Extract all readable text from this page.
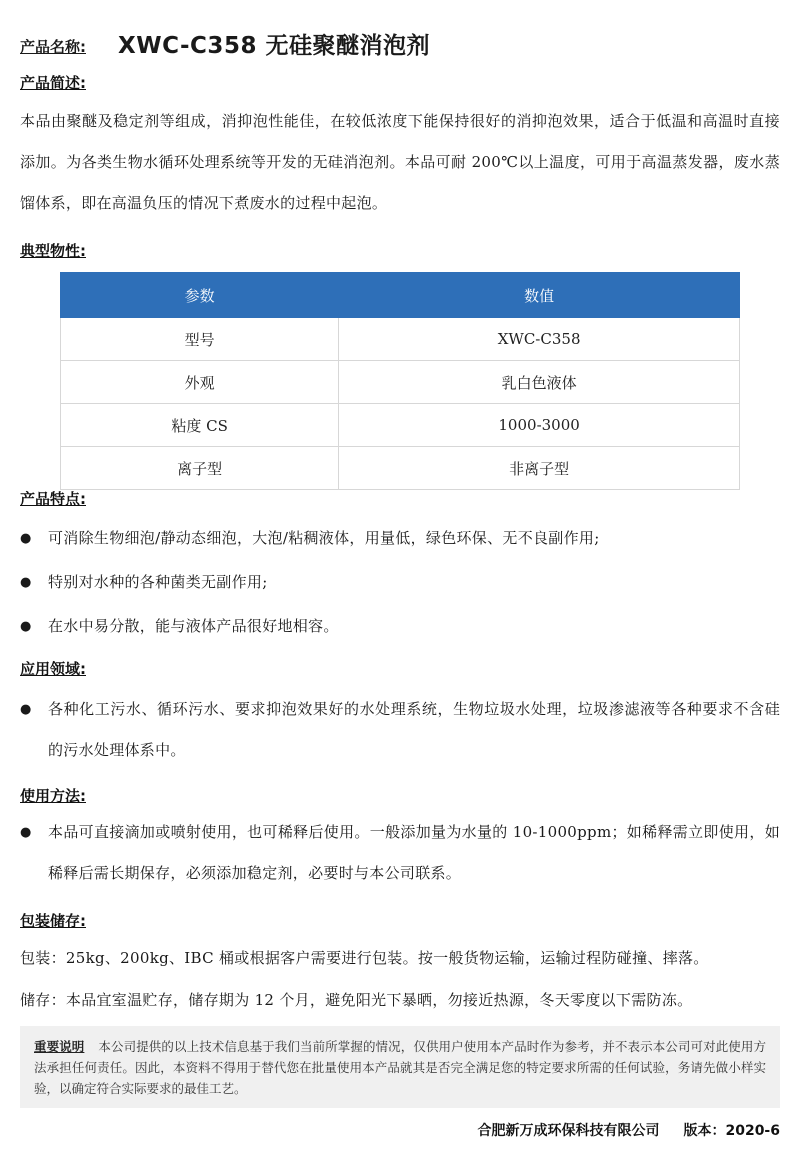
产品名称: XWC-C358 无硅聚醚消泡剂
产品简述:
本品由聚醚及稳定剂等组成，消抑泡性能佳，在较低浓度下能保持很好的消抑泡效果，适合于低温和高温时直接添加。为各类生物水循环处理系统等开发的无硅消泡剂。本品可耐 200℃以上温度，可用于高温蒸发器，废水蒸馏体系，即在高温负压的情况下煮废水的过程中起泡。
典型物性:
参数	数值
型号	XWC-C358
外观	乳白色液体
粘度 CS	1000-3000
离子型	非离子型
产品特点:
●	可消除生物细泡/静动态细泡，大泡/粘稠液体，用量低，绿色环保、无不良副作用;
●	特别对水种的各种菌类无副作用;
●	在水中易分散，能与液体产品很好地相容。
应用领域:
●	各种化工污水、循环污水、要求抑泡效果好的水处理系统，生物垃圾水处理，垃圾渗滤液等各种要求不含硅的污水处理体系中。
使用方法:
●	本品可直接滴加或喷射使用，也可稀释后使用。一般添加量为水量的 10-1000ppm；如稀释需立即使用，如稀释后需长期保存，必须添加稳定剂，必要时与本公司联系。
包装储存:
包装：25kg、200kg、IBC 桶或根据客户需要进行包装。按一般货物运输，运输过程防碰撞、摔落。
储存：本品宜室温贮存，储存期为 12 个月，避免阳光下暴晒，勿接近热源，冬天零度以下需防冻。
重要说明 本公司提供的以上技术信息基于我们当前所掌握的情况，仅供用户使用本产品时作为参考，并不表示本公司可对此使用方法承担任何责任。因此，本资料不得用于替代您在批量使用本产品就其是否完全满足您的特定要求所需的任何试验，务请先做小样实验，以确定符合实际要求的最佳工艺。
合肥新万成环保科技有限公司 版本：2020-6
